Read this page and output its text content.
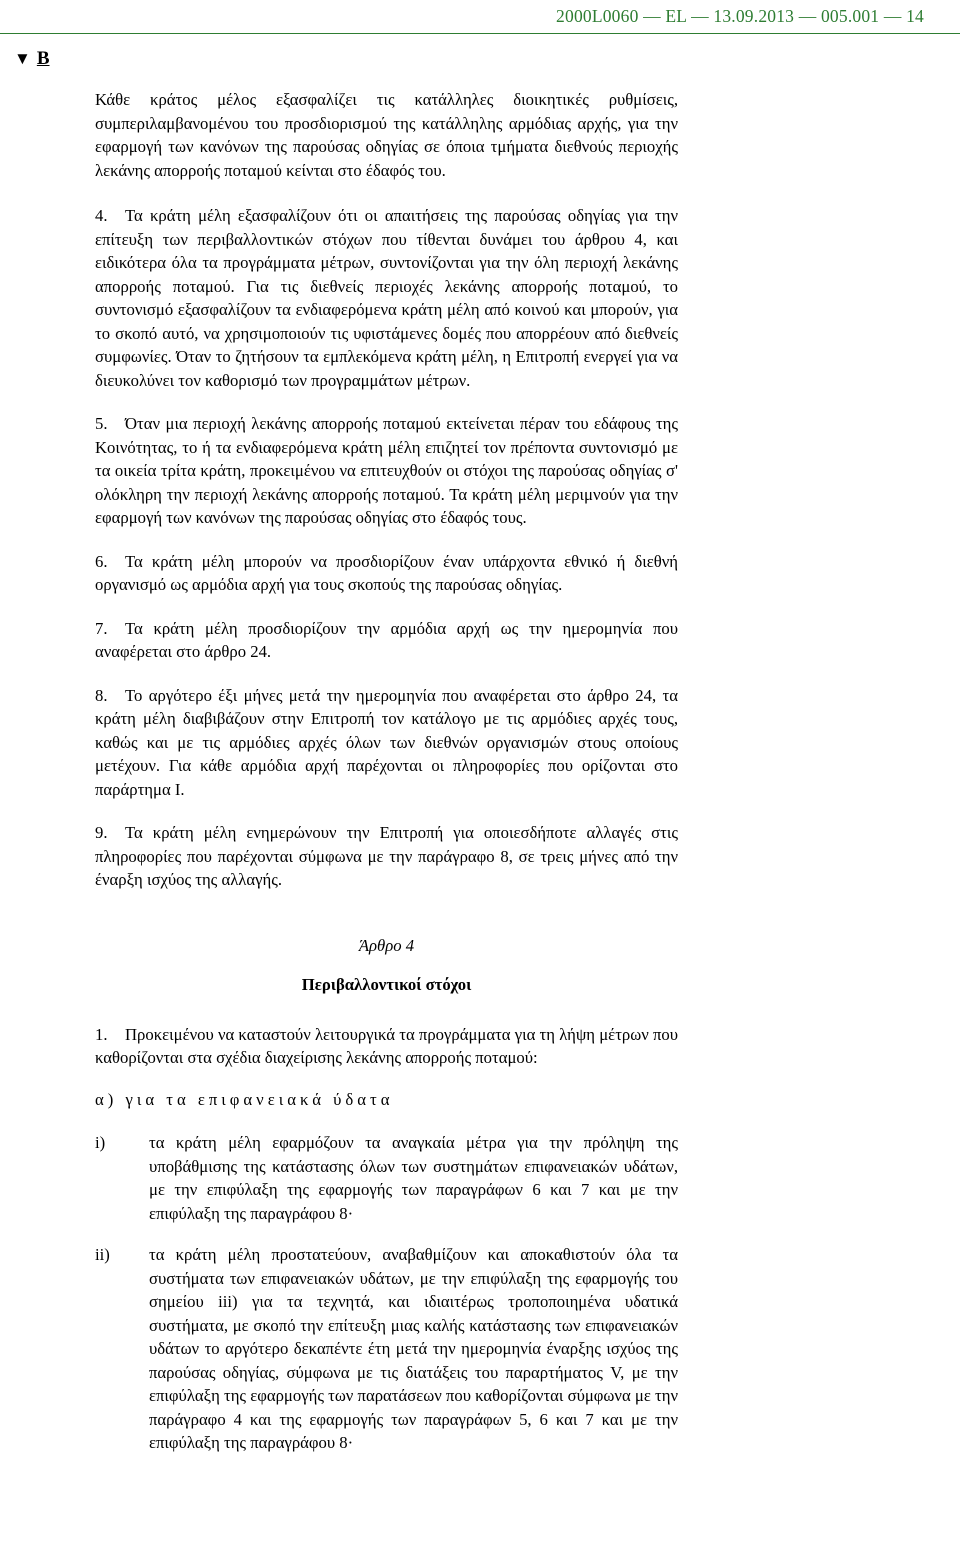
2000L0060 — EL — 13.09.2013 — 005.001 — 14
▼ B

Κάθε κράτος μέλος εξασφαλίζει τις κατάλληλες διοικητικές ρυθμίσεις, συμπεριλαμβανομένου του προσδιορισμού της κατάλληλης αρμόδιας αρχής, για την εφαρμογή των κανόνων της παρούσας οδηγίας σε όποια τμήματα διεθνούς περιοχής λεκάνης απορροής ποταμού κείνται στο έδαφός του.

4. Τα κράτη μέλη εξασφαλίζουν ότι οι απαιτήσεις της παρούσας οδηγίας για την επίτευξη των περιβαλλοντικών στόχων που τίθενται δυνάμει του άρθρου 4, και ειδικότερα όλα τα προγράμματα μέτρων, συντονίζονται για την όλη περιοχή λεκάνης απορροής ποταμού. Για τις διεθνείς περιοχές λεκάνης απορροής ποταμού, το συντονισμό εξασφαλίζουν τα ενδιαφερόμενα κράτη μέλη από κοινού και μπορούν, για το σκοπό αυτό, να χρησιμοποιούν τις υφιστάμενες δομές που απορρέουν από διεθνείς συμφωνίες. Όταν το ζητήσουν τα εμπλεκόμενα κράτη μέλη, η Επιτροπή ενεργεί για να διευκολύνει τον καθορισμό των προγραμμάτων μέτρων.

5. Όταν μια περιοχή λεκάνης απορροής ποταμού εκτείνεται πέραν του εδάφους της Κοινότητας, το ή τα ενδιαφερόμενα κράτη μέλη επιζητεί τον πρέποντα συντονισμό με τα οικεία τρίτα κράτη, προκειμένου να επιτευχθούν οι στόχοι της παρούσας οδηγίας σ' ολόκληρη την περιοχή λεκάνης απορροής ποταμού. Τα κράτη μέλη μεριμνούν για την εφαρμογή των κανόνων της παρούσας οδηγίας στο έδαφός τους.

6. Τα κράτη μέλη μπορούν να προσδιορίζουν έναν υπάρχοντα εθνικό ή διεθνή οργανισμό ως αρμόδια αρχή για τους σκοπούς της παρούσας οδηγίας.

7. Τα κράτη μέλη προσδιορίζουν την αρμόδια αρχή ως την ημερομηνία που αναφέρεται στο άρθρο 24.

8. Το αργότερο έξι μήνες μετά την ημερομηνία που αναφέρεται στο άρθρο 24, τα κράτη μέλη διαβιβάζουν στην Επιτροπή τον κατάλογο με τις αρμόδιες αρχές τους, καθώς και με τις αρμόδιες αρχές όλων των διεθνών οργανισμών στους οποίους μετέχουν. Για κάθε αρμόδια αρχή παρέχονται οι πληροφορίες που ορίζονται στο παράρτημα I.

9. Τα κράτη μέλη ενημερώνουν την Επιτροπή για οποιεσδήποτε αλλαγές στις πληροφορίες που παρέχονται σύμφωνα με την παράγραφο 8, σε τρεις μήνες από την έναρξη ισχύος της αλλαγής.

Άρθρο 4
Περιβαλλοντικοί στόχοι

1. Προκειμένου να καταστούν λειτουργικά τα προγράμματα για τη λήψη μέτρων που καθορίζονται στα σχέδια διαχείρισης λεκάνης απορροής ποταμού:

α) για τα επιφανειακά ύδατα
i)	τα κράτη μέλη εφαρμόζουν τα αναγκαία μέτρα για την πρόληψη της υποβάθμισης της κατάστασης όλων των συστημάτων επιφανειακών υδάτων, με την επιφύλαξη της εφαρμογής των παραγράφων 6 και 7 και με την επιφύλαξη της παραγράφου 8·
ii)	τα κράτη μέλη προστατεύουν, αναβαθμίζουν και αποκαθιστούν όλα τα συστήματα των επιφανειακών υδάτων, με την επιφύλαξη της εφαρμογής του σημείου iii) για τα τεχνητά, και ιδιαιτέρως τροποποιημένα υδατικά συστήματα, με σκοπό την επίτευξη μιας καλής κατάστασης των επιφανειακών υδάτων το αργότερο δεκαπέντε έτη μετά την ημερομηνία έναρξης ισχύος της παρούσας οδηγίας, σύμφωνα με τις διατάξεις του παραρτήματος V, με την επιφύλαξη της εφαρμογής των παρατάσεων που καθορίζονται σύμφωνα με την παράγραφο 4 και της εφαρμογής των παραγράφων 5, 6 και 7 και με την επιφύλαξη της παραγράφου 8·
